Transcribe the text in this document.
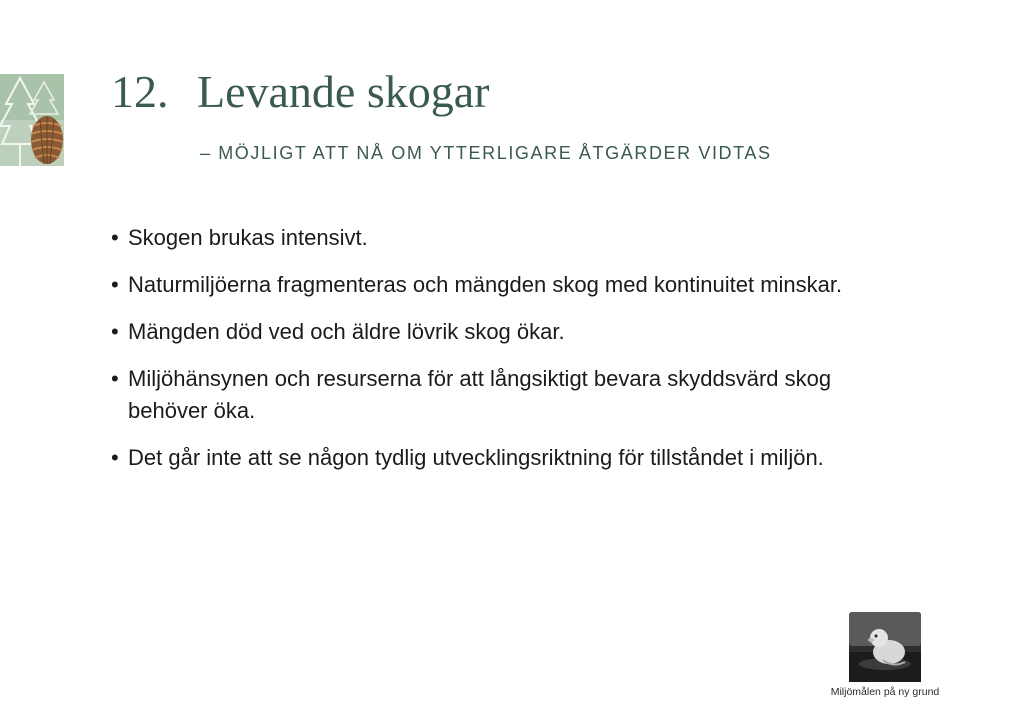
12. Levande skogar
– MÖJLIGT ATT NÅ OM YTTERLIGARE ÅTGÄRDER VIDTAS
• Skogen brukas intensivt.
• Naturmiljöerna fragmenteras och mängden skog med kontinuitet minskar.
• Mängden död ved och äldre lövrik skog ökar.
• Miljöhänsynen och resurserna för att långsiktigt bevara skyddsvärd skog behöver öka.
• Det går inte att se någon tydlig utvecklingsriktning för tillståndet i miljön.
Miljömålen på ny grund
